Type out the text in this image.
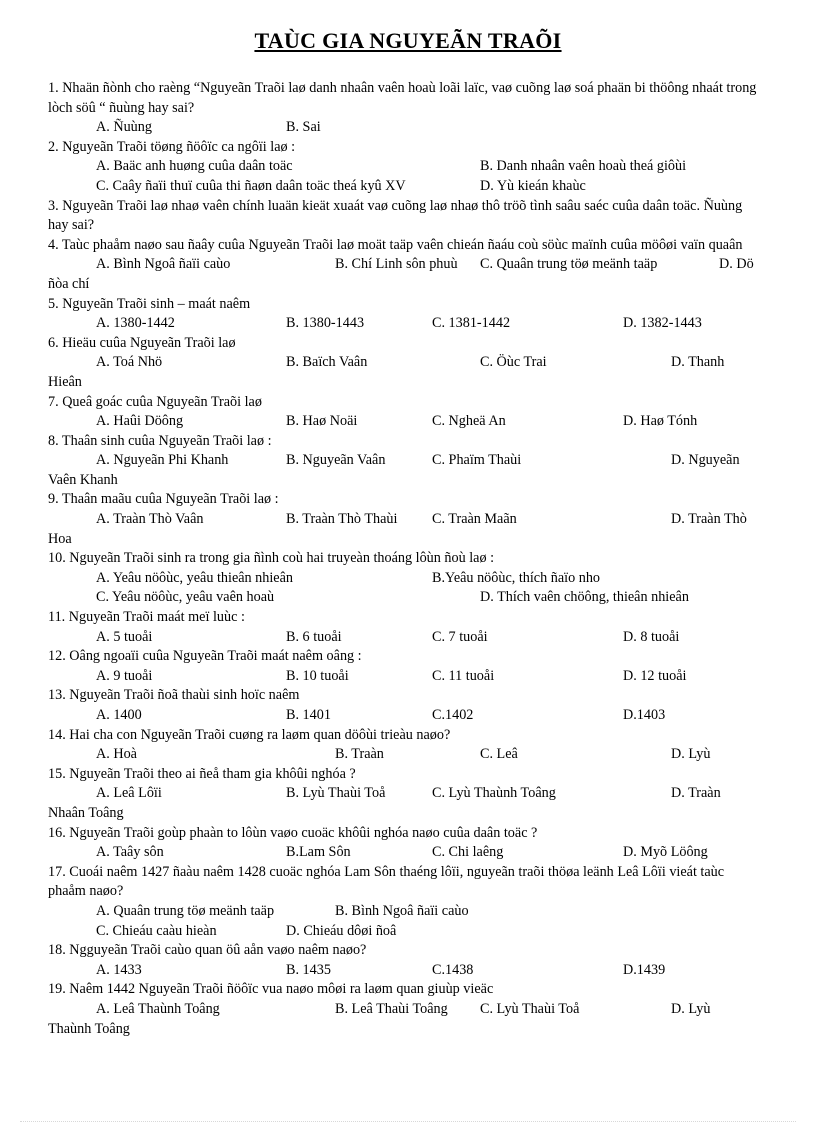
TAÙC GIA NGUYEÃN TRAÕI

1. Nhaän ñònh cho raèng “Nguyeãn Traõi laø danh nhaân vaên hoaù loãi laïc, vaø cuõng laø soá phaän bi thöông nhaát trong lòch söû “ ñuùng hay sai?

A. Ñuùng	B. Sai

2. Nguyeãn Traõi töøng ñöôïc ca ngôïi laø :

A. Baäc anh huøng cuûa daân toäc	B. Danh nhaân vaên hoaù theá giôùi
C. Caây ñaïi thuï cuûa thi ñaøn daân toäc theá kyû XV	D. Yù kieán khaùc

3. Nguyeãn Traõi laø nhaø vaên chính luaän kieät xuaát vaø cuõng laø nhaø thô tröõ tình saâu saéc cuûa daân toäc. Ñuùng hay sai?

4. Taùc phaåm naøo sau ñaây cuûa Nguyeãn Traõi laø moät taäp vaên chieán ñaáu coù söùc maïnh cuûa möôøi vaïn quaân

A. Bình Ngoâ ñaïi caùo	B. Chí Linh sôn phuù C. Quaân trung töø meänh taäp	D. Dö

ñòa chí

5. Nguyeãn Traõi sinh – maát naêm

A. 1380-1442	B. 1380-1443	C. 1381-1442	D. 1382-1443

6. Hieäu cuûa Nguyeãn Traõi laø

A. Toá Nhö	B. Baïch Vaân	C. Öùc Trai	D. Thanh

Hieân

7. Queâ goác cuûa Nguyeãn Traõi laø

A. Haûi Döông	B. Haø Noäi	C. Ngheä An	D. Haø Tónh

8. Thaân sinh cuûa Nguyeãn Traõi laø :

A. Nguyeãn Phi Khanh	B. Nguyeãn Vaân	C. Phaïm Thaùi	D. Nguyeãn

Vaên Khanh

9. Thaân maãu cuûa Nguyeãn Traõi laø :

A. Traàn Thò Vaân	B. Traàn Thò Thaùi C. Traàn Maãn	D. Traàn Thò

Hoa

10. Nguyeãn Traõi sinh ra trong gia ñình coù hai truyeàn thoáng lôùn ñoù laø :

A. Yeâu nöôùc, yeâu thieân nhieân	B.Yeâu nöôùc, thích ñaïo nho
C. Yeâu nöôùc, yeâu vaên hoaù	D. Thích vaên chöông, thieân nhieân

11. Nguyeãn Traõi maát meï luùc :

A. 5 tuoåi	B. 6 tuoåi	C. 7 tuoåi	D. 8 tuoåi

12. Oâng ngoaïi cuûa Nguyeãn Traõi maát naêm oâng :

A. 9 tuoåi	B. 10 tuoåi	C. 11 tuoåi	D. 12 tuoåi

13. Nguyeãn Traõi ñoã thaùi sinh hoïc naêm

A. 1400	B. 1401	C.1402	D.1403

14. Hai cha con Nguyeãn Traõi cuøng ra laøm quan döôùi trieàu naøo?

A. Hoà	B. Traàn	C. Leâ	D. Lyù

15. Nguyeãn Traõi theo ai ñeå tham gia khôûi nghóa ?

A. Leâ Lôïi	B. Lyù Thaùi Toå	C. Lyù Thaùnh Toâng	D. Traàn

Nhaân Toâng

16. Nguyeãn Traõi goùp phaàn to lôùn vaøo cuoäc khôûi nghóa naøo cuûa daân toäc ?

A. Taây sôn	B.Lam Sôn	C. Chi laêng	D. Myõ Löông

17. Cuoái naêm 1427 ñaàu naêm 1428 cuoäc nghóa Lam Sôn thaéng lôïi, nguyeãn traõi thöøa leänh Leâ Lôïi vieát taùc phaåm naøo?

A. Quaân trung töø meänh taäp	B. Bình Ngoâ ñaïi caùo
C. Chieáu caàu hieàn	D. Chieáu dôøi ñoâ

18. Ngguyeãn Traõi caùo quan öû aån vaøo naêm naøo?

A. 1433	B. 1435	C.1438	D.1439

19. Naêm 1442 Nguyeãn Traõi ñöôïc vua naøo môøi ra laøm quan giuùp vieäc

A. Leâ Thaùnh Toâng	B. Leâ Thaùi Toâng C. Lyù Thaùi Toå	D. Lyù

Thaùnh Toâng
